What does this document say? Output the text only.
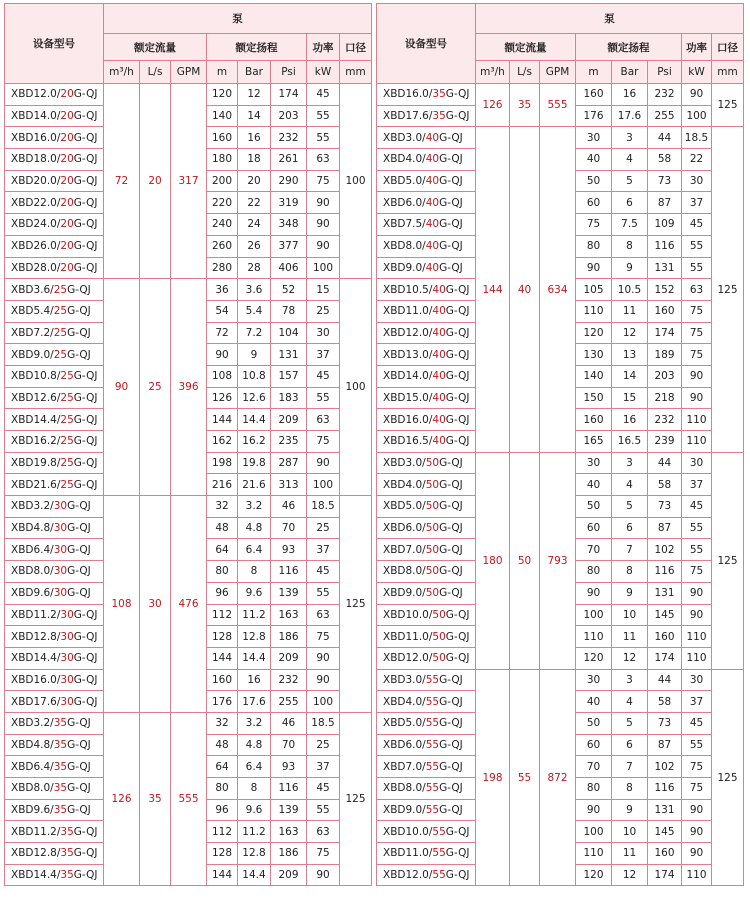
设备型号	泵							
	额定流量			额定扬程			功率	口径
	m³/h	L/s	GPM	m	Bar	Psi	kW	mm
XBD12.0/20G-QJ	72	20	317	120	12	174	45	100
XBD14.0/20G-QJ				140	14	203	55	
XBD16.0/20G-QJ				160	16	232	55	
XBD18.0/20G-QJ				180	18	261	63	
XBD20.0/20G-QJ				200	20	290	75	
XBD22.0/20G-QJ				220	22	319	90	
XBD24.0/20G-QJ				240	24	348	90	
XBD26.0/20G-QJ				260	26	377	90	
XBD28.0/20G-QJ				280	28	406	100	
XBD3.6/25G-QJ	90	25	396	36	3.6	52	15	100
XBD5.4/25G-QJ				54	5.4	78	25	
XBD7.2/25G-QJ				72	7.2	104	30	
XBD9.0/25G-QJ				90	9	131	37	
XBD10.8/25G-QJ				108	10.8	157	45	
XBD12.6/25G-QJ				126	12.6	183	55	
XBD14.4/25G-QJ				144	14.4	209	63	
XBD16.2/25G-QJ				162	16.2	235	75	
XBD19.8/25G-QJ				198	19.8	287	90	
XBD21.6/25G-QJ				216	21.6	313	100	
XBD3.2/30G-QJ	108	30	476	32	3.2	46	18.5	125
XBD4.8/30G-QJ				48	4.8	70	25	
XBD6.4/30G-QJ				64	6.4	93	37	
XBD8.0/30G-QJ				80	8	116	45	
XBD9.6/30G-QJ				96	9.6	139	55	
XBD11.2/30G-QJ				112	11.2	163	63	
XBD12.8/30G-QJ				128	12.8	186	75	
XBD14.4/30G-QJ				144	14.4	209	90	
XBD16.0/30G-QJ				160	16	232	90	
XBD17.6/30G-QJ				176	17.6	255	100	
XBD3.2/35G-QJ	126	35	555	32	3.2	46	18.5	125
XBD4.8/35G-QJ				48	4.8	70	25	
XBD6.4/35G-QJ				64	6.4	93	37	
XBD8.0/35G-QJ				80	8	116	45	
XBD9.6/35G-QJ				96	9.6	139	55	
XBD11.2/35G-QJ				112	11.2	163	63	
XBD12.8/35G-QJ				128	12.8	186	75	
XBD14.4/35G-QJ				144	14.4	209	90	
设备型号	泵							
	额定流量			额定扬程			功率	口径
	m³/h	L/s	GPM	m	Bar	Psi	kW	mm
XBD16.0/35G-QJ	126	35	555	160	16	232	90	125
XBD17.6/35G-QJ				176	17.6	255	100	
XBD3.0/40G-QJ	144	40	634	30	3	44	18.5	125
XBD4.0/40G-QJ				40	4	58	22	
XBD5.0/40G-QJ				50	5	73	30	
XBD6.0/40G-QJ				60	6	87	37	
XBD7.5/40G-QJ				75	7.5	109	45	
XBD8.0/40G-QJ				80	8	116	55	
XBD9.0/40G-QJ				90	9	131	55	
XBD10.5/40G-QJ				105	10.5	152	63	
XBD11.0/40G-QJ				110	11	160	75	
XBD12.0/40G-QJ				120	12	174	75	
XBD13.0/40G-QJ				130	13	189	75	
XBD14.0/40G-QJ				140	14	203	90	
XBD15.0/40G-QJ				150	15	218	90	
XBD16.0/40G-QJ				160	16	232	110	
XBD16.5/40G-QJ				165	16.5	239	110	
XBD3.0/50G-QJ	180	50	793	30	3	44	30	125
XBD4.0/50G-QJ				40	4	58	37	
XBD5.0/50G-QJ				50	5	73	45	
XBD6.0/50G-QJ				60	6	87	55	
XBD7.0/50G-QJ				70	7	102	55	
XBD8.0/50G-QJ				80	8	116	75	
XBD9.0/50G-QJ				90	9	131	90	
XBD10.0/50G-QJ				100	10	145	90	
XBD11.0/50G-QJ				110	11	160	110	
XBD12.0/50G-QJ				120	12	174	110	
XBD3.0/55G-QJ	198	55	872	30	3	44	30	125
XBD4.0/55G-QJ				40	4	58	37	
XBD5.0/55G-QJ				50	5	73	45	
XBD6.0/55G-QJ				60	6	87	55	
XBD7.0/55G-QJ				70	7	102	75	
XBD8.0/55G-QJ				80	8	116	75	
XBD9.0/55G-QJ				90	9	131	90	
XBD10.0/55G-QJ				100	10	145	90	
XBD11.0/55G-QJ				110	11	160	90	
XBD12.0/55G-QJ				120	12	174	110	
